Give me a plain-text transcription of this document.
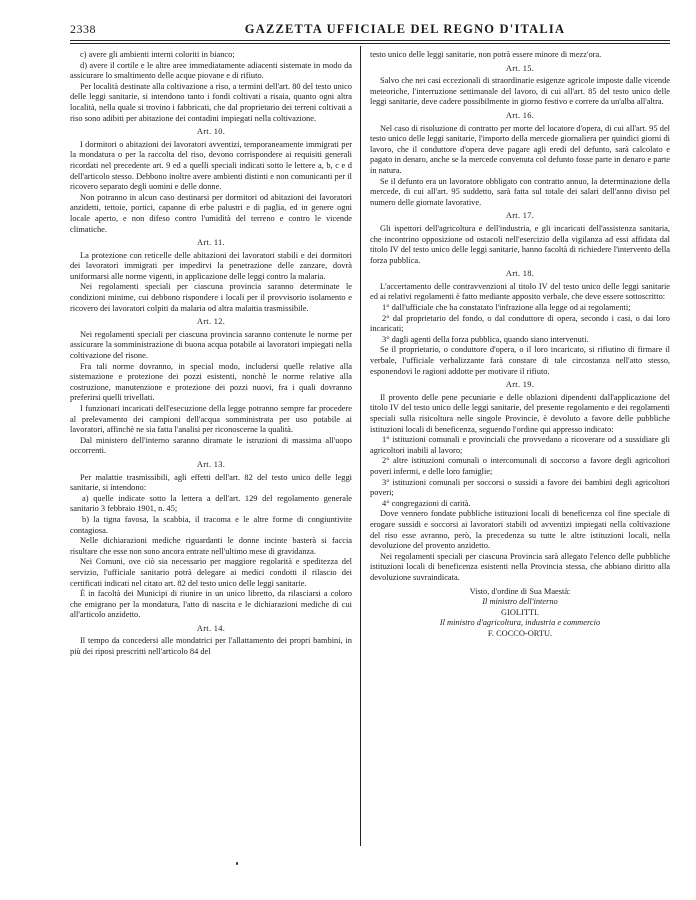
2338	GAZZETTA UFFICIALE DEL REGNO D'ITALIA

c) avere gli ambienti interni coloriti in bianco;

d) avere il cortile e le altre aree immediatamente adiacenti sistemate in modo da assicurare lo smaltimento delle acque piovane e di rifiuto.

Per località destinate alla coltivazione a riso, a termini dell'art. 80 del testo unico delle leggi sanitarie, si intendono tanto i fondi coltivati a risaia, quanto ogni altra località, nella quale si trovino i fabbricati, che dal proprietario dei terreni coltivati a riso sono adibiti per abitazione dei contadini impiegati nella coltivazione.

Art. 10.

I dormitori o abitazioni dei lavoratori avventizi, temporaneamente immigrati per la mondatura o per la raccolta del riso, devono corrispondere ai requisiti generali ricordati nel precedente art. 9 ed a quelli speciali indicati sotto le lettere a, b, c e d dell'articolo stesso. Debbono inoltre avere ambienti distinti e non comunicanti per il ricovero separato degli uomini e delle donne.

Non potranno in alcun caso destinarsi per dormitori od abitazioni dei lavoratori anzidetti, tettoie, portici, capanne di erbe palustri e di paglia, ed in genere ogni locale aperto, e non difeso contro l'umidità del terreno e contro le vicende climatiche.

Art. 11.

La protezione con reticelle delle abitazioni dei lavoratori stabili e dei dormitori dei lavoratori immigrati per impedirvi la penetrazione delle zanzare, dovrà uniformarsi alle norme vigenti, in applicazione delle leggi contro la malaria.

Nei regolamenti speciali per ciascuna provincia saranno determinate le condizioni minime, cui debbono rispondere i locali per il provvisorio isolamento e ricovero dei lavoratori colpiti da malaria od altra malattia trasmissibile.

Art. 12.

Nei regolamenti speciali per ciascuna provincia saranno contenute le norme per assicurare la somministrazione di buona acqua potabile ai lavoratori impiegati nella coltivazione del risone.

Fra tali norme dovranno, in special modo, includersi quelle relative alla sistemazione e protezione dei pozzi esistenti, nonchè le norme relative alla costruzione, manutenzione e protezione dei pozzi nuovi, fra i quali dovranno preferirsi quelli trivellati.

I funzionari incaricati dell'esecuzione della legge potranno sempre far procedere al prelevamento dei campioni dell'acqua somministrata per uso potabile ai lavoratori, affinchè ne sia fatta l'analisi per riconoscerne la qualità.

Dal ministero dell'interno saranno diramate le istruzioni di massima all'uopo occorrenti.

Art. 13.

Per malattie trasmissibili, agli effetti dell'art. 82 del testo unico delle leggi sanitarie, si intendono:

a) quelle indicate sotto la lettera a dell'art. 129 del regolamento generale sanitario 3 febbraio 1901, n. 45;

b) la tigna favosa, la scabbia, il tracoma e le altre forme di congiuntivite contagiosa.

Nelle dichiarazioni mediche riguardanti le donne incinte basterà si faccia risultare che esse non sono ancora entrate nell'ultimo mese di gravidanza.

Nei Comuni, ove ciò sia necessario per maggiore regolarità e speditezza del servizio, l'ufficiale sanitario potrà delegare ai medici condotti il rilascio dei certificati indicati nel citato art. 82 del testo unico delle leggi sanitarie.

È in facoltà dei Municipi di riunire in un unico libretto, da rilasciarsi a coloro che emigrano per la mondatura, l'atto di nascita e le dichiarazioni mediche di cui all'articolo anzidetto.

Art. 14.

Il tempo da concedersi alle mondatrici per l'allattamento dei propri bambini, in più dei riposi prescritti nell'articolo 84 del

testo unico delle leggi sanitarie, non potrà essere minore di mezz'ora.

Art. 15.

Salvo che nei casi eccezionali di straordinarie esigenze agricole imposte dalle vicende meteoriche, l'interruzione settimanale del lavoro, di cui all'art. 85 del testo unico delle leggi sanitarie, deve cadere possibilmente in giorno festivo e correre da un'alba all'altra.

Art. 16.

Nel caso di risoluzione di contratto per morte del locatore d'opera, di cui all'art. 95 del testo unico delle leggi sanitarie, l'importo della mercede giornaliera per quindici giorni di lavoro, che il conduttore d'opera deve pagare agli eredi del defunto, sarà calcolato e pagato in denaro, anche se la mercede convenuta col defunto fosse parte in denaro e parte in natura.

Se il defunto era un lavoratore obbligato con contratto annuo, la determinazione della mercede, di cui all'art. 95 suddetto, sarà fatta sul totale dei salari dell'anno diviso pel numero delle giornate lavorative.

Art. 17.

Gli ispettori dell'agricoltura e dell'industria, e gli incaricati dell'assistenza sanitaria, che incontrino opposizione od ostacoli nell'esercizio della vigilanza ad essi affidata dal titolo IV del testo unico delle leggi sanitarie, hanno facoltà di richiedere l'intervento della forza pubblica.

Art. 18.

L'accertamento delle contravvenzioni al titolo IV del testo unico delle leggi sanitarie ed ai relativi regolamenti è fatto mediante apposito verbale, che deve essere sottoscritto:

1° dall'ufficiale che ha constatato l'infrazione alla legge od ai regolamenti;

2° dal proprietario del fondo, o dal conduttore di opera, secondo i casi, o dai loro incaricati;

3° dagli agenti della forza pubblica, quando siano intervenuti.

Se il proprietario, o conduttore d'opera, o il loro incaricato, si rifiutino di firmare il verbale, l'ufficiale verbalizzante farà constare di tale circostanza nell'atto stesso, esponendovi le ragioni addotte per motivare il rifiuto.

Art. 19.

Il provento delle pene pecuniarie e delle oblazioni dipendenti dall'applicazione del titolo IV del testo unico delle leggi sanitarie, del presente regolamento e dei regolamenti speciali sulla risicoltura nelle singole Provincie, è devoluto a favore delle pubbliche istituzioni locali di beneficenza, seguendo l'ordine qui appresso indicato:

1° istituzioni comunali e provinciali che provvedano a ricoverare od a sussidiare gli agricoltori inabili al lavoro;

2° altre istituzioni comunali o intercomunali di soccorso a favore degli agricoltori poveri infermi, e delle loro famiglie;

3° istituzioni comunali per soccorsi o sussidi a favore dei bambini degli agricoltori poveri;

4° congregazioni di carità.

Dove vennero fondate pubbliche istituzioni locali di beneficenza col fine speciale di erogare sussidi e soccorsi ai lavoratori stabili od avventizi impiegati nella coltivazione del riso esse avranno, però, la precedenza su tutte le altre istituzioni locali, nella devoluzione del provento anzidetto.

Nei regolamenti speciali per ciascuna Provincia sarà allegato l'elenco delle pubbliche istituzioni locali di beneficenza esistenti nella Provincia stessa, che abbiano diritto alla devoluzione suvraindicata.

Visto, d'ordine di Sua Maestà:

Il ministro dell'interno

GIOLITTI.

Il ministro d'agricoltura, industria e commercio

F. COCCO-ORTU.
